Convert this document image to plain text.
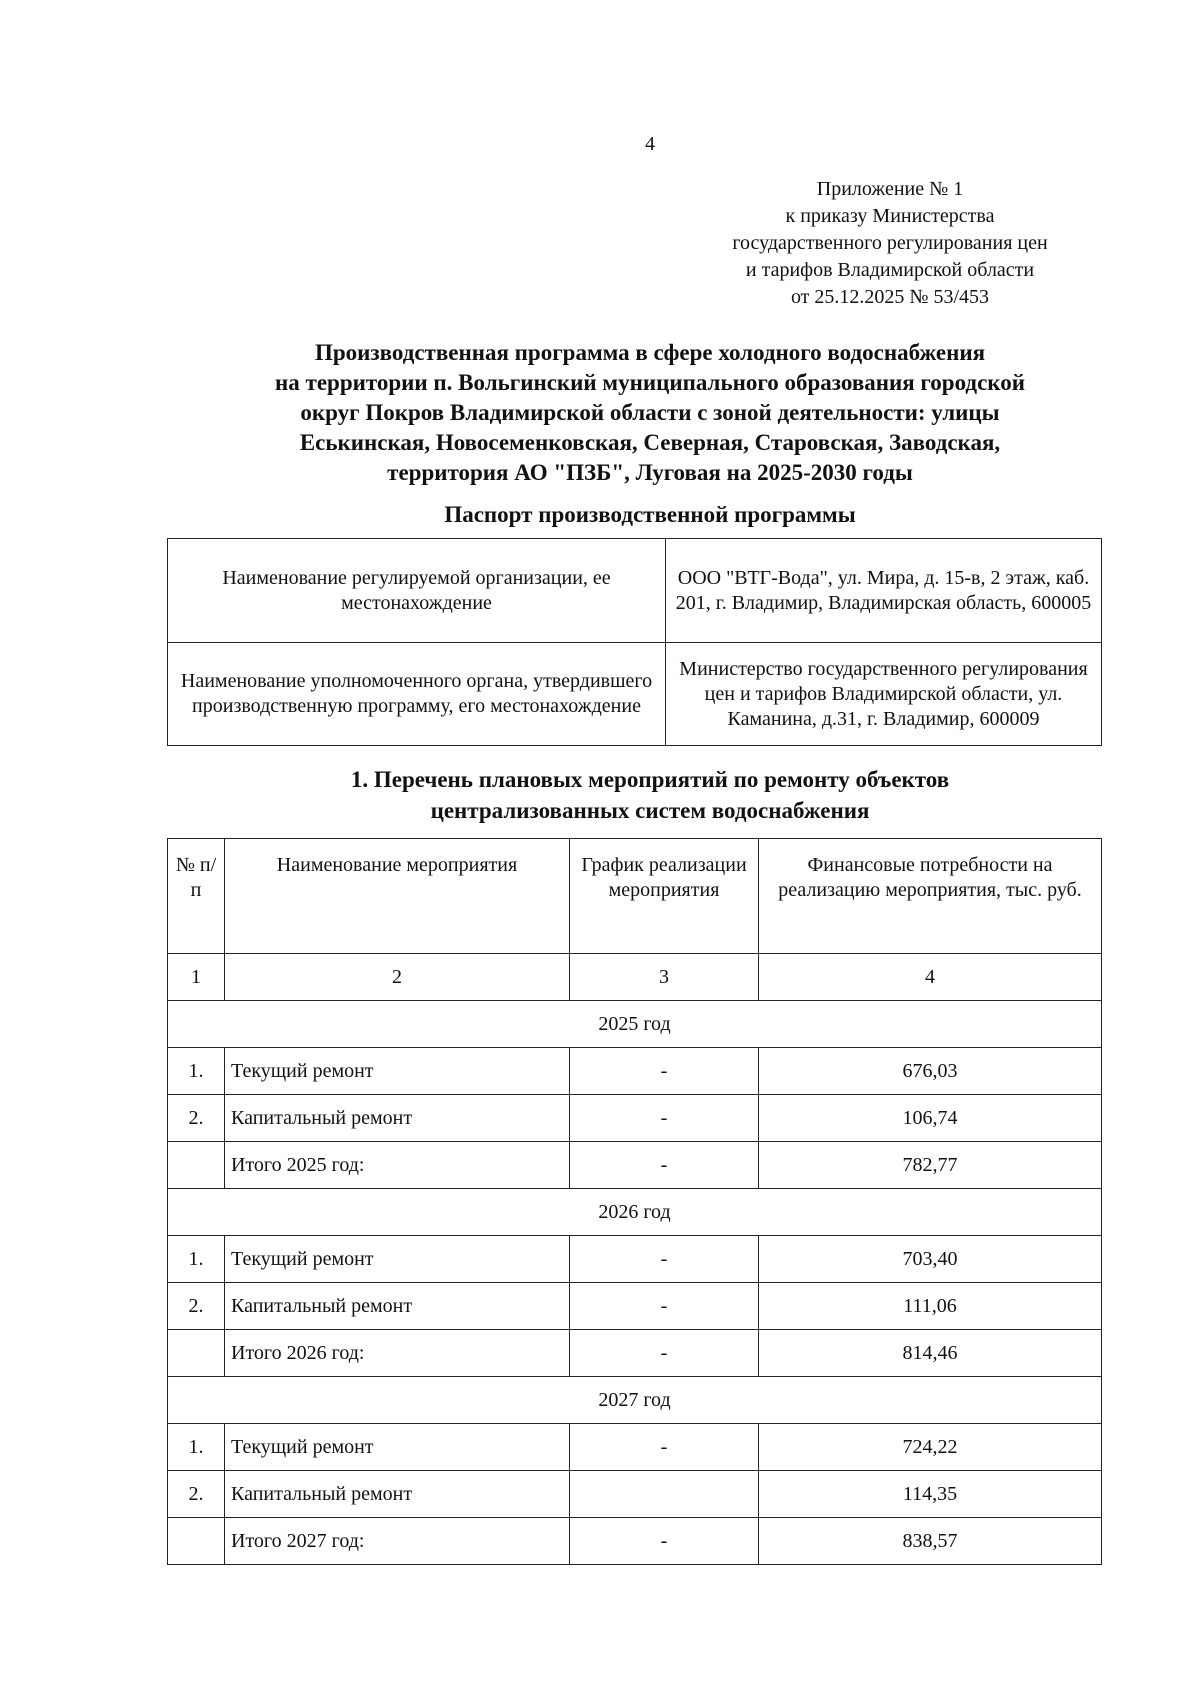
4
Приложение № 1
к приказу Министерства
государственного регулирования цен
и тарифов Владимирской области
от 25.12.2025 № 53/453
Производственная программа в сфере холодного водоснабжения
на территории п. Вольгинский муниципального образования городской
округ Покров Владимирской области с зоной деятельности: улицы
Еськинская, Новосеменковская, Северная, Старовская, Заводская,
территория АО "ПЗБ", Луговая на 2025-2030 годы
Паспорт производственной программы
Наименование регулируемой организации, ее местонахождение	ООО "ВТГ-Вода", ул. Мира, д. 15-в, 2 этаж, каб. 201, г. Владимир, Владимирская область, 600005
Наименование уполномоченного органа, утвердившего производственную программу, его местонахождение	Министерство государственного регулирования цен и тарифов Владимирской области, ул. Каманина, д.31, г. Владимир, 600009
1. Перечень плановых мероприятий по ремонту объектов
централизованных систем водоснабжения
№ п/п	Наименование мероприятия	График реализации мероприятия	Финансовые потребности на реализацию мероприятия, тыс. руб.
1	2	3	4
2025 год			
1.	Текущий ремонт	-	676,03
2.	Капитальный ремонт	-	106,74
	Итого 2025 год:	-	782,77
2026 год			
1.	Текущий ремонт	-	703,40
2.	Капитальный ремонт	-	111,06
	Итого 2026 год:	-	814,46
2027 год			
1.	Текущий ремонт	-	724,22
2.	Капитальный ремонт		114,35
	Итого 2027 год:	-	838,57
